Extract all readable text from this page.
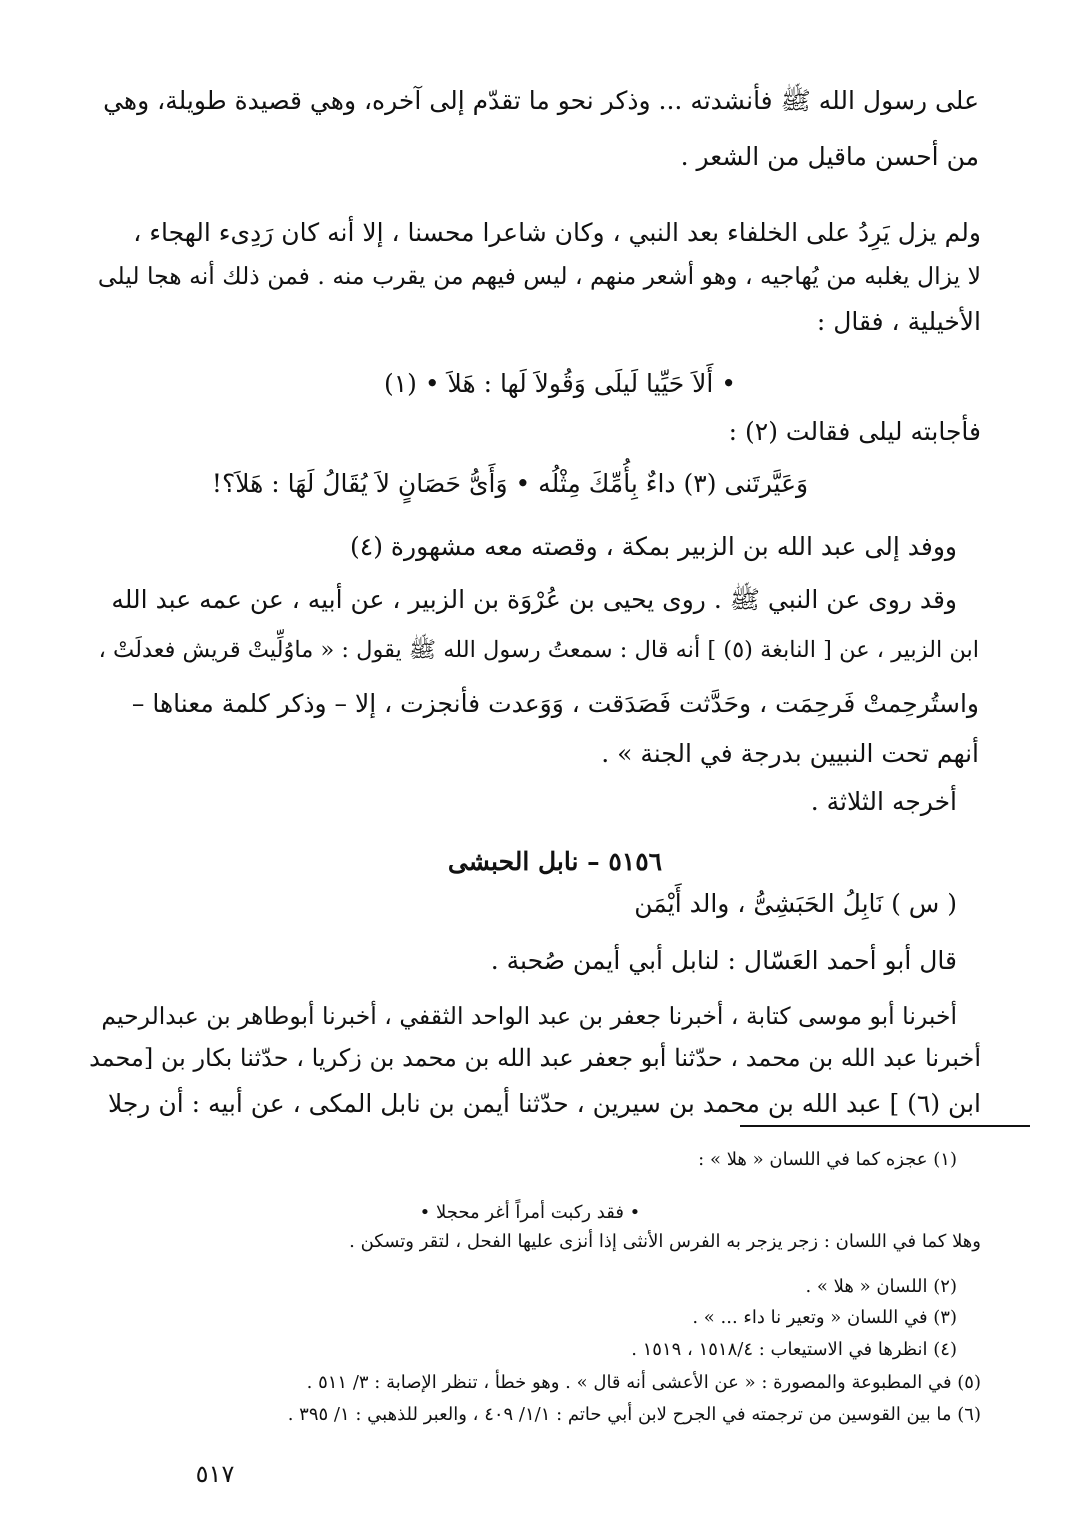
على رسول الله ﷺ فأنشدته ... وذكر نحو ما تقدّم إلى آخره، وهي قصيدة طويلة، وهي
من أحسن ماقيل من الشعر .
ولم يزل يَرِدُ على الخلفاء بعد النبي ، وكان شاعرا محسنا ، إلا أنه كان رَدِىء الهجاء ،
لا يزال يغلبه من يُهاجيه ، وهو أشعر منهم ، ليس فيهم من يقرب منه . فمن ذلك أنه هجا ليلى
الأخيلية ، فقال :
• أَلاَ حَيِّيا لَيلَى وَقُولاَ لَها : هَلاَ • (١)
فأجابته ليلى فقالت (٢) :
وَعَيَّرتَنى (٣) داءٌ بِأُمِّكَ مِثْلُه • وَأَىُّ حَصَانٍ لاَ يُقَالُ لَهَا : هَلاَ؟!
ووفد إلى عبد الله بن الزبير بمكة ، وقصته معه مشهورة (٤)
وقد روى عن النبي ﷺ . روى يحيى بن عُرْوَة بن الزبير ، عن أبيه ، عن عمه عبد الله
ابن الزبير ، عن [ النابغة (٥) ] أنه قال : سمعتُ رسول الله ﷺ يقول : « ماوُلِّيتْ قريش فعدلَتْ ،
واستُرحِمتْ فَرحِمَت ، وحَدَّثت فَصَدَقت ، وَوَعدت فأنجزت ، إلا – وذكر كلمة معناها –
أنهم تحت النبيين بدرجة في الجنة » .
أخرجه الثلاثة .
٥١٥٦ – نابل الحبشى
( س ) نَابِلُ الحَبَشِىُّ ، والد أَيْمَن
قال أبو أحمد العَسّال : لنابل أبي أيمن صُحبة .
أخبرنا أبو موسى كتابة ، أخبرنا جعفر بن عبد الواحد الثقفي ، أخبرنا أبوطاهر بن عبدالرحيم
أخبرنا عبد الله بن محمد ، حدّثنا أبو جعفر عبد الله بن محمد بن زكريا ، حدّثنا بكار بن [محمد
ابن (٦) ] عبد الله بن محمد بن سيرين ، حدّثنا أيمن بن نابل المكى ، عن أبيه : أن رجلا
(١) عجزه كما في اللسان « هلا » :
• فقد ركبت أمراً أغر محجلا •
وهلا كما في اللسان : زجر يزجر به الفرس الأنثى إذا أنزى عليها الفحل ، لتقر وتسكن .
(٢) اللسان « هلا » .
(٣) في اللسان « وتعير نا داء ... » .
(٤) انظرها في الاستيعاب : ١٥١٨/٤ ، ١٥١٩ .
(٥) في المطبوعة والمصورة : « عن الأعشى أنه قال » . وهو خطأ ، تنظر الإصابة : ٣/ ٥١١ .
(٦) ما بين القوسين من ترجمته في الجرح لابن أبي حاتم : ١/١/ ٤٠٩ ، والعبر للذهبي : ١/ ٣٩٥ .
٥١٧
